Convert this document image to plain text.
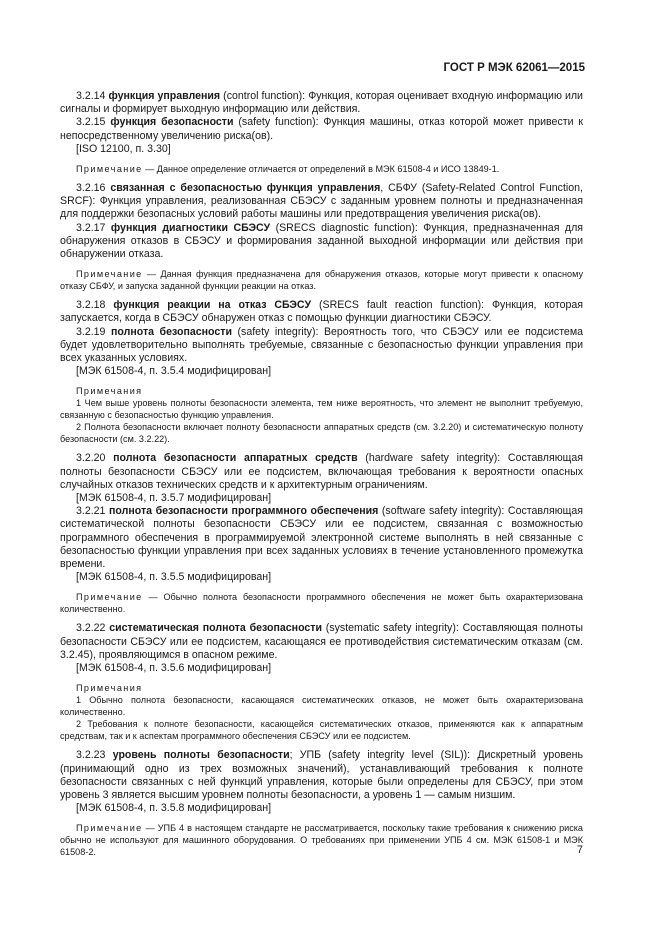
ГОСТ Р МЭК 62061—2015

3.2.14 функция управления (control function): Функция, которая оценивает входную информацию или сигналы и формирует выходную информацию или действия.

3.2.15 функция безопасности (safety function): Функция машины, отказ которой может привести к непосредственному увеличению риска(ов).

[ISO 12100, п. 3.30]

Примечание — Данное определение отличается от определений в МЭК 61508-4 и ИСО 13849-1.

3.2.16 связанная с безопасностью функция управления, СБФУ (Safety-Related Control Function, SRCF): Функция управления, реализованная СБЭСУ с заданным уровнем полноты и предназначенная для поддержки безопасных условий работы машины или предотвращения увеличения риска(ов).

3.2.17 функция диагностики СБЭСУ (SRECS diagnostic function): Функция, предназначенная для обнаружения отказов в СБЭСУ и формирования заданной выходной информации или действия при обнаружении отказа.

Примечание — Данная функция предназначена для обнаружения отказов, которые могут привести к опасному отказу СБФУ, и запуска заданной функции реакции на отказ.

3.2.18 функция реакции на отказ СБЭСУ (SRECS fault reaction function): Функция, которая запускается, когда в СБЭСУ обнаружен отказ с помощью функции диагностики СБЭСУ.

3.2.19 полнота безопасности (safety integrity): Вероятность того, что СБЭСУ или ее подсистема будет удовлетворительно выполнять требуемые, связанные с безопасностью функции управления при всех указанных условиях.

[МЭК 61508-4, п. 3.5.4 модифицирован]

Примечания

1 Чем выше уровень полноты безопасности элемента, тем ниже вероятность, что элемент не выполнит требуемую, связанную с безопасностью функцию управления.

2 Полнота безопасности включает полноту безопасности аппаратных средств (см. 3.2.20) и систематическую полноту безопасности (см. 3.2.22).

3.2.20 полнота безопасности аппаратных средств (hardware safety integrity): Составляющая полноты безопасности СБЭСУ или ее подсистем, включающая требования к вероятности опасных случайных отказов технических средств и к архитектурным ограничениям.

[МЭК 61508-4, п. 3.5.7 модифицирован]

3.2.21 полнота безопасности программного обеспечения (software safety integrity): Составляющая систематической полноты безопасности СБЭСУ или ее подсистем, связанная с возможностью программного обеспечения в программируемой электронной системе выполнять в ней связанные с безопасностью функции управления при всех заданных условиях в течение установленного промежутка времени.

[МЭК 61508-4, п. 3.5.5 модифицирован]

Примечание — Обычно полнота безопасности программного обеспечения не может быть охарактеризована количественно.

3.2.22 систематическая полнота безопасности (systematic safety integrity): Составляющая полноты безопасности СБЭСУ или ее подсистем, касающаяся ее противодействия систематическим отказам (см. 3.2.45), проявляющимся в опасном режиме.

[МЭК 61508-4, п. 3.5.6 модифицирован]

Примечания

1 Обычно полнота безопасности, касающаяся систематических отказов, не может быть охарактеризована количественно.

2 Требования к полноте безопасности, касающейся систематических отказов, применяются как к аппаратным средствам, так и к аспектам программного обеспечения СБЭСУ или ее подсистем.

3.2.23 уровень полноты безопасности; УПБ (safety integrity level (SIL)): Дискретный уровень (принимающий одно из трех возможных значений), устанавливающий требования к полноте безопасности связанных с ней функций управления, которые были определены для СБЭСУ, при этом уровень 3 является высшим уровнем полноты безопасности, а уровень 1 — самым низшим.

[МЭК 61508-4, п. 3.5.8 модифицирован]

Примечание — УПБ 4 в настоящем стандарте не рассматривается, поскольку такие требования к снижению риска обычно не используют для машинного оборудования. О требованиях при применении УПБ 4 см. МЭК 61508-1 и МЭК 61508-2.	7
